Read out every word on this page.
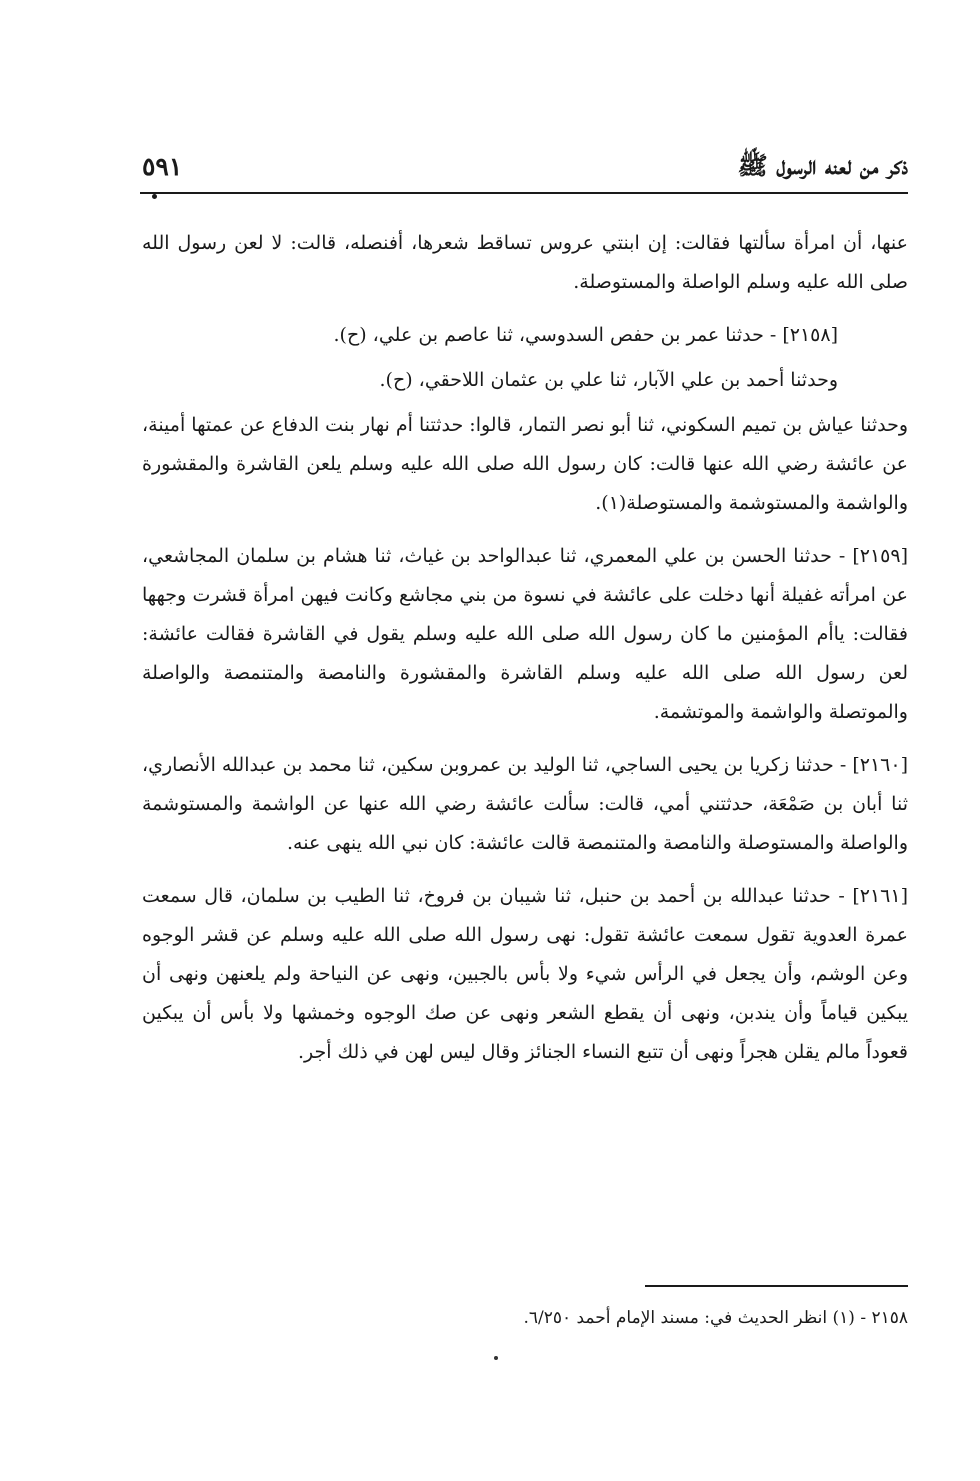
ذكر من لعنه الرسول ﷺ
٥٩١

عنها، أن امرأة سألتها فقالت: إن ابنتي عروس تساقط شعرها، أفنصله، قالت: لا لعن رسول الله صلى الله عليه وسلم الواصلة والمستوصلة.

[٢١٥٨] - حدثنا عمر بن حفص السدوسي، ثنا عاصم بن علي، (ح).

وحدثنا أحمد بن علي الآبار، ثنا علي بن عثمان اللاحقي، (ح).

وحدثنا عياش بن تميم السكوني، ثنا أبو نصر التمار، قالوا: حدثتنا أم نهار بنت الدفاع عن عمتها أمينة، عن عائشة رضي الله عنها قالت: كان رسول الله صلى الله عليه وسلم يلعن القاشرة والمقشورة والواشمة والمستوشمة والمستوصلة(١).

[٢١٥٩] - حدثنا الحسن بن علي المعمري، ثنا عبدالواحد بن غياث، ثنا هشام بن سلمان المجاشعي، عن امرأته غفيلة أنها دخلت على عائشة في نسوة من بني مجاشع وكانت فيهن امرأة قشرت وجهها فقالت: ياأم المؤمنين ما كان رسول الله صلى الله عليه وسلم يقول في القاشرة فقالت عائشة: لعن رسول الله صلى الله عليه وسلم القاشرة والمقشورة والنامصة والمتنمصة والواصلة والموتصلة والواشمة والموتشمة.

[٢١٦٠] - حدثنا زكريا بن يحيى الساجي، ثنا الوليد بن عمروبن سكين، ثنا محمد بن عبدالله الأنصاري، ثنا أبان بن صَمْعَة، حدثتني أمي، قالت: سألت عائشة رضي الله عنها عن الواشمة والمستوشمة والواصلة والمستوصلة والنامصة والمتنمصة قالت عائشة: كان نبي الله ينهى عنه.

[٢١٦١] - حدثنا عبدالله بن أحمد بن حنبل، ثنا شيبان بن فروخ، ثنا الطيب بن سلمان، قال سمعت عمرة العدوية تقول سمعت عائشة تقول: نهى رسول الله صلى الله عليه وسلم عن قشر الوجوه وعن الوشم، وأن يجعل في الرأس شيء ولا بأس بالجبين، ونهى عن النياحة ولم يلعنهن ونهى أن يبكين قياماً وأن يندبن، ونهى أن يقطع الشعر ونهى عن صك الوجوه وخمشها ولا بأس أن يبكين قعوداً مالم يقلن هجراً ونهى أن تتبع النساء الجنائز وقال ليس لهن في ذلك أجر.

٢١٥٨ - (١) انظر الحديث في: مسند الإمام أحمد ٦/٢٥٠.
